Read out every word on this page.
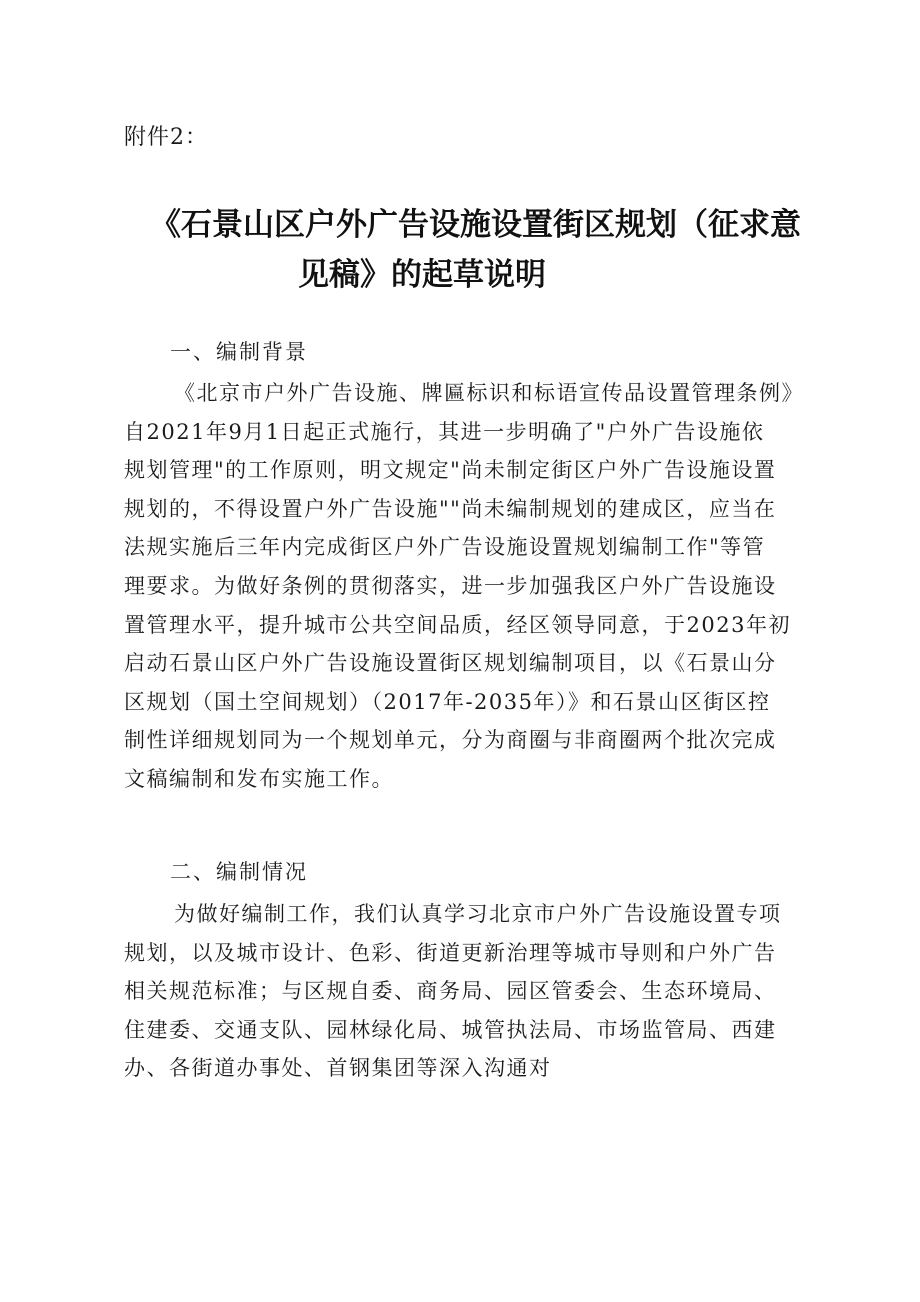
附件2：
《石景山区户外广告设施设置街区规划（征求意
见稿》的起草说明
一、编制背景

《北京市户外广告设施、牌匾标识和标语宣传品设置管理条例》
自2021年9月1日起正式施行，其进一步明确了"户外广告设施依
规划管理"的工作原则，明文规定"尚未制定街区户外广告设施设置
规划的，不得设置户外广告设施""尚未编制规划的建成区，应当在
法规实施后三年内完成街区户外广告设施设置规划编制工作"等管
理要求。为做好条例的贯彻落实，进一步加强我区户外广告设施设
置管理水平，提升城市公共空间品质，经区领导同意，于2023年初
启动石景山区户外广告设施设置街区规划编制项目，以《石景山分
区规划（国土空间规划）（2017年-2035年）》和石景山区街区控
制性详细规划同为一个规划单元，分为商圈与非商圈两个批次完成
文稿编制和发布实施工作。

二、编制情况

为做好编制工作，我们认真学习北京市户外广告设施设置专项
规划，以及城市设计、色彩、街道更新治理等城市导则和户外广告
相关规范标准；与区规自委、商务局、园区管委会、生态环境局、
住建委、交通支队、园林绿化局、城管执法局、市场监管局、西建
办、各街道办事处、首钢集团等深入沟通对
